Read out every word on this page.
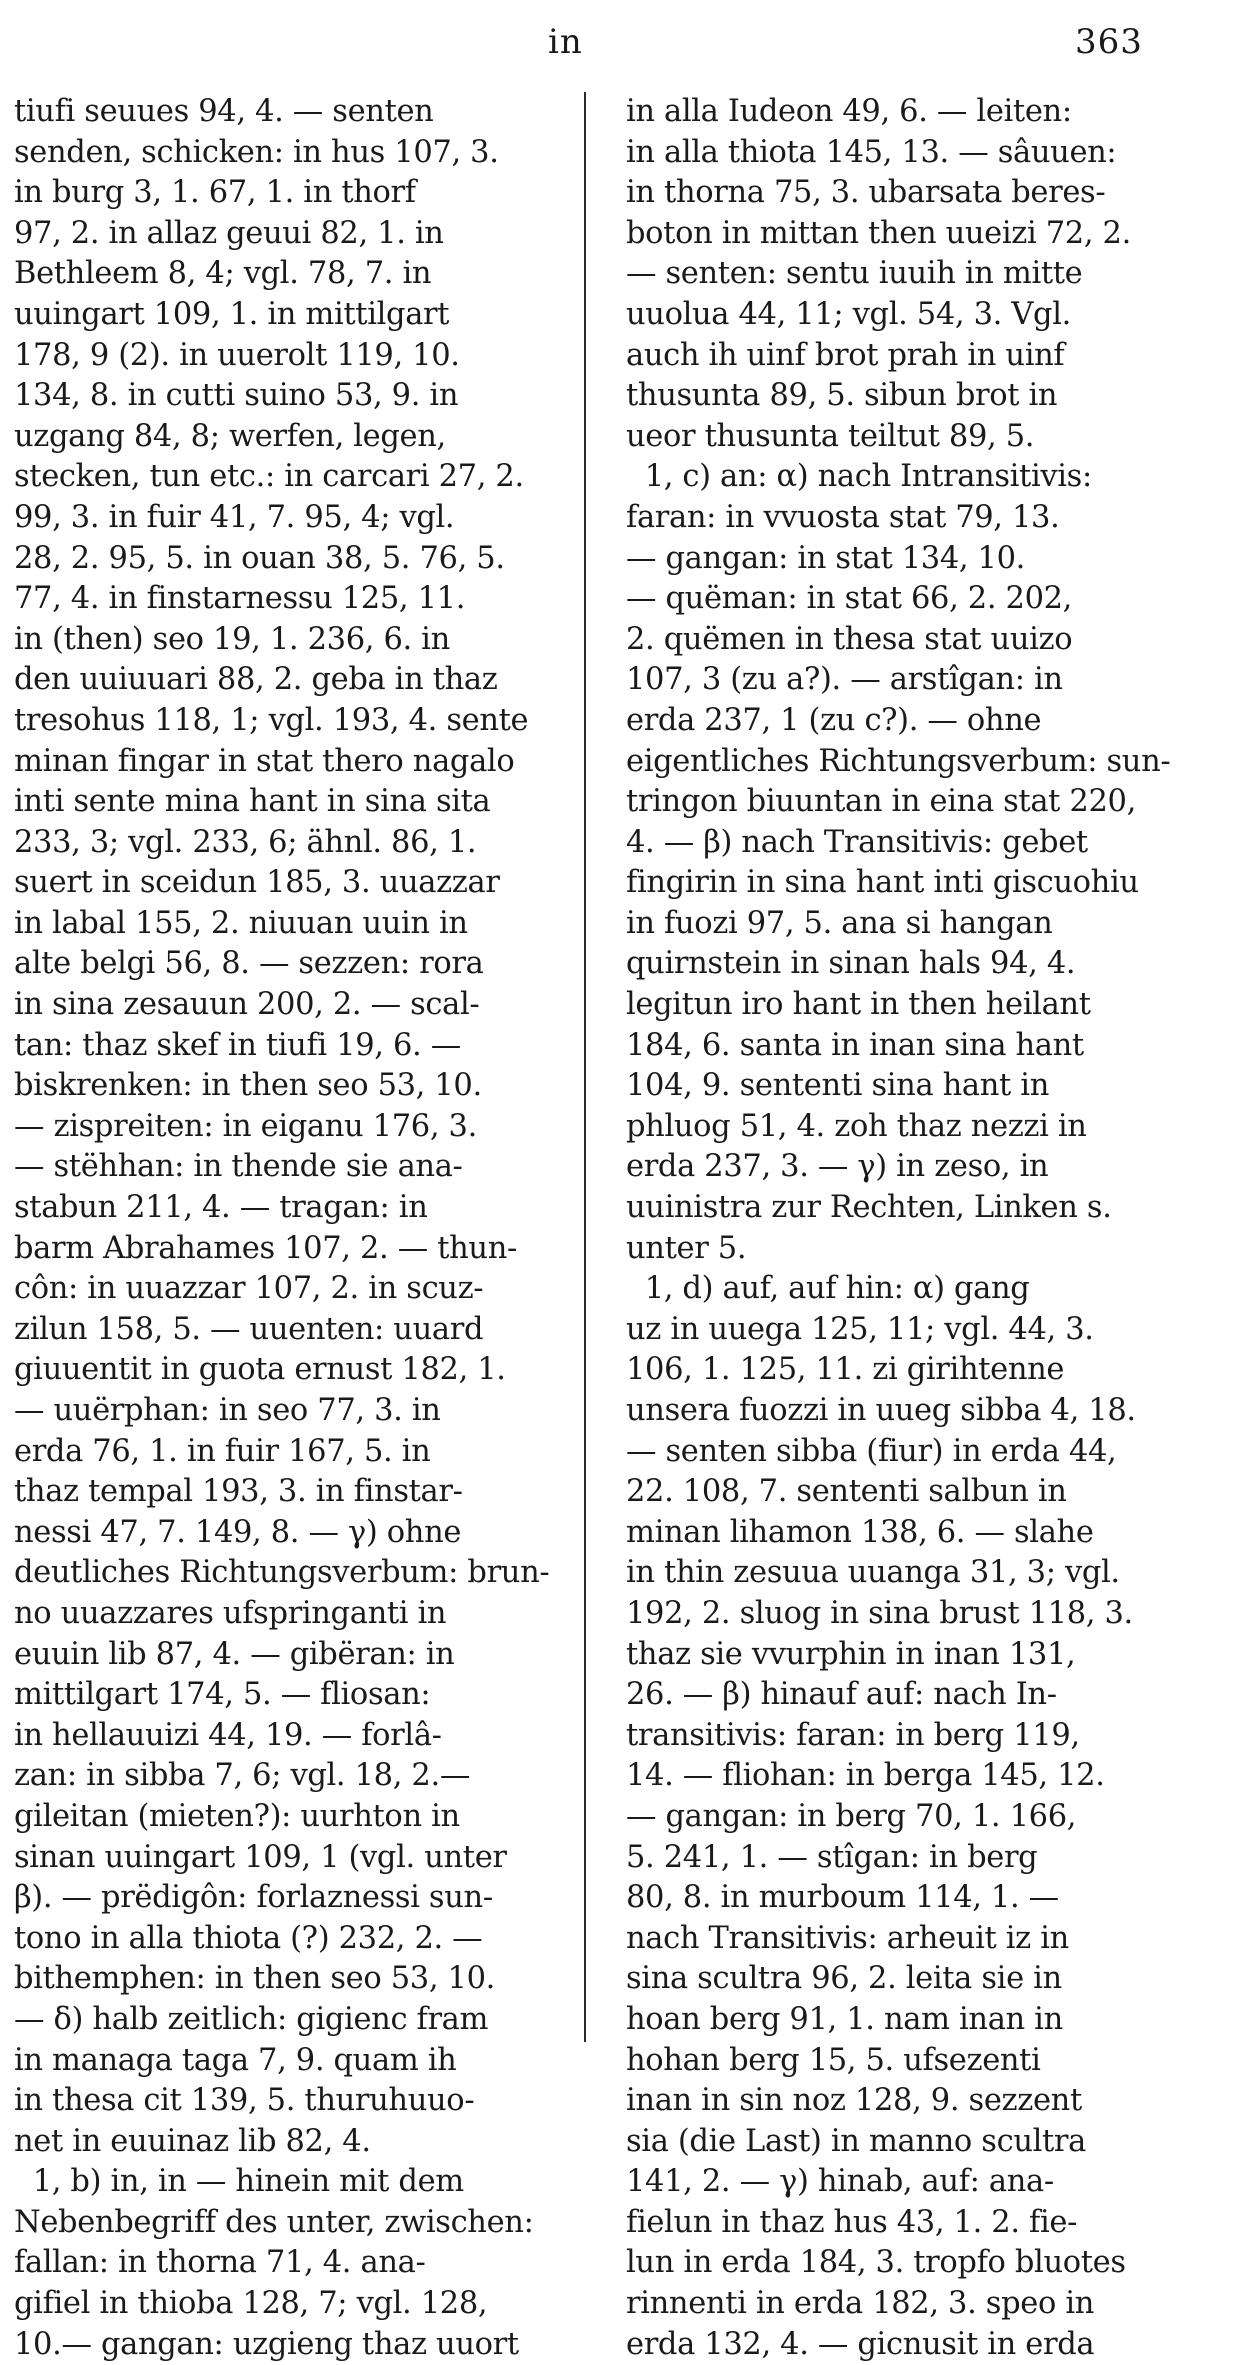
in	363
tiufi seuues 94, 4. — senten
senden, schicken: in hus 107, 3.
in burg 3, 1. 67, 1. in thorf
97, 2. in allaz geuui 82, 1. in
Bethleem 8, 4; vgl. 78, 7. in
uuingart 109, 1. in mittilgart
178, 9 (2). in uuerolt 119, 10.
134, 8. in cutti suino 53, 9. in
uzgang 84, 8; werfen, legen,
stecken, tun etc.: in carcari 27, 2.
99, 3. in fuir 41, 7. 95, 4; vgl.
28, 2. 95, 5. in ouan 38, 5. 76, 5.
77, 4. in finstarnessu 125, 11.
in (then) seo 19, 1. 236, 6. in
den uuiuuari 88, 2. geba in thaz
tresohus 118, 1; vgl. 193, 4. sente
minan fingar in stat thero nagalo
inti sente mina hant in sina sita
233, 3; vgl. 233, 6; ähnl. 86, 1.
suert in sceidun 185, 3. uuazzar
in labal 155, 2. niuuan uuin in
alte belgi 56, 8. — sezzen: rora
in sina zesauun 200, 2. — scal-
tan: thaz skef in tiufi 19, 6. —
biskrenken: in then seo 53, 10.
— zispreiten: in eiganu 176, 3.
— stëhhan: in thende sie ana-
stabun 211, 4. — tragan: in
barm Abrahames 107, 2. — thun-
côn: in uuazzar 107, 2. in scuz-
zilun 158, 5. — uuenten: uuard
giuuentit in guota ernust 182, 1.
— uuërphan: in seo 77, 3. in
erda 76, 1. in fuir 167, 5. in
thaz tempal 193, 3. in finstar-
nessi 47, 7. 149, 8. — γ) ohne
deutliches Richtungsverbum: brun-
no uuazzares ufspringanti in
euuin lib 87, 4. — gibëran: in
mittilgart 174, 5. — fliosan:
in hellauuizi 44, 19. — forlâ-
zan: in sibba 7, 6; vgl. 18, 2.—
gileitan (mieten?): uurhton in
sinan uuingart 109, 1 (vgl. unter
β). — prëdigôn: forlaznessi sun-
tono in alla thiota (?) 232, 2. —
bithemphen: in then seo 53, 10.
— δ) halb zeitlich: gigienc fram
in managa taga 7, 9. quam ih
in thesa cit 139, 5. thuruhuuo-
net in euuinaz lib 82, 4.
1, b) in, in — hinein mit dem
Nebenbegriff des unter, zwischen:
fallan: in thorna 71, 4. ana-
gifiel in thioba 128, 7; vgl. 128,
10.— gangan: uzgieng thaz uuort
in alla Iudeon 49, 6. — leiten:
in alla thiota 145, 13. — sâuuen:
in thorna 75, 3. ubarsata beres-
boton in mittan then uueizi 72, 2.
— senten: sentu iuuih in mitte
uuolua 44, 11; vgl. 54, 3. Vgl.
auch ih uinf brot prah in uinf
thusunta 89, 5. sibun brot in
ueor thusunta teiltut 89, 5.
1, c) an: α) nach Intransitivis:
faran: in vvuosta stat 79, 13.
— gangan: in stat 134, 10.
— quëman: in stat 66, 2. 202,
2. quëmen in thesa stat uuizo
107, 3 (zu a?). — arstîgan: in
erda 237, 1 (zu c?). — ohne
eigentliches Richtungsverbum: sun-
tringon biuuntan in eina stat 220,
4. — β) nach Transitivis: gebet
fingirin in sina hant inti giscuohiu
in fuozi 97, 5. ana si hangan
quirnstein in sinan hals 94, 4.
legitun iro hant in then heilant
184, 6. santa in inan sina hant
104, 9. sententi sina hant in
phluog 51, 4. zoh thaz nezzi in
erda 237, 3. — γ) in zeso, in
uuinistra zur Rechten, Linken s.
unter 5.
1, d) auf, auf hin: α) gang
uz in uuega 125, 11; vgl. 44, 3.
106, 1. 125, 11. zi girihtenne
unsera fuozzi in uueg sibba 4, 18.
— senten sibba (fiur) in erda 44,
22. 108, 7. sententi salbun in
minan lihamon 138, 6. — slahe
in thin zesuua uuanga 31, 3; vgl.
192, 2. sluog in sina brust 118, 3.
thaz sie vvurphin in inan 131,
26. — β) hinauf auf: nach In-
transitivis: faran: in berg 119,
14. — fliohan: in berga 145, 12.
— gangan: in berg 70, 1. 166,
5. 241, 1. — stîgan: in berg
80, 8. in murboum 114, 1. —
nach Transitivis: arheuit iz in
sina scultra 96, 2. leita sie in
hoan berg 91, 1. nam inan in
hohan berg 15, 5. ufsezenti
inan in sin noz 128, 9. sezzent
sia (die Last) in manno scultra
141, 2. — γ) hinab, auf: ana-
fielun in thaz hus 43, 1. 2. fie-
lun in erda 184, 3. tropfo bluotes
rinnenti in erda 182, 3. speo in
erda 132, 4. — gicnusit in erda
